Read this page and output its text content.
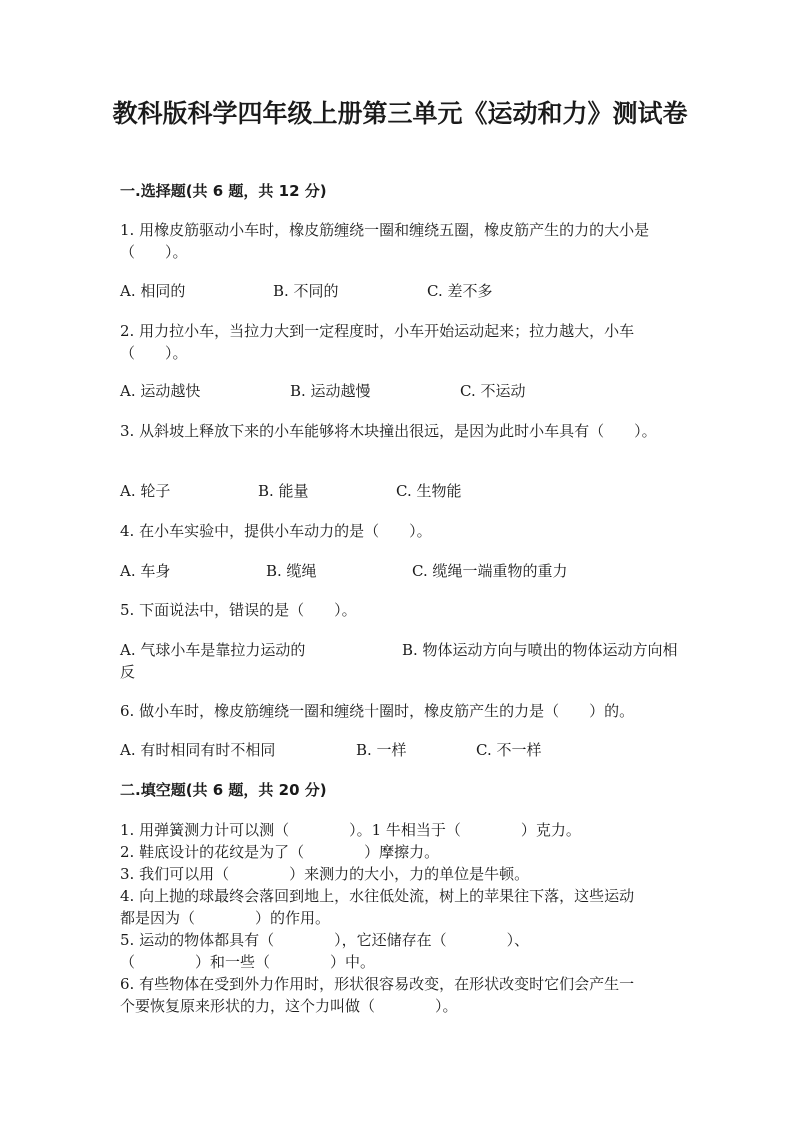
教科版科学四年级上册第三单元《运动和力》测试卷
一.选择题(共 6 题，共 12 分)
1. 用橡皮筋驱动小车时，橡皮筋缠绕一圈和缠绕五圈，橡皮筋产生的力的大小是（　　）。
A. 相同的	B. 不同的	C. 差不多
2. 用力拉小车，当拉力大到一定程度时，小车开始运动起来；拉力越大，小车（　　）。
A. 运动越快	B. 运动越慢	C. 不运动
3. 从斜坡上释放下来的小车能够将木块撞出很远，是因为此时小车具有（　　）。
A. 轮子	B. 能量	C. 生物能
4. 在小车实验中，提供小车动力的是（　　）。
A. 车身	B. 缆绳	C. 缆绳一端重物的重力
5. 下面说法中，错误的是（　　）。
A. 气球小车是靠拉力运动的	B. 物体运动方向与喷出的物体运动方向相反
6. 做小车时，橡皮筋缠绕一圈和缠绕十圈时，橡皮筋产生的力是（　　）的。
A. 有时相同有时不相同	B. 一样	C. 不一样
二.填空题(共 6 题，共 20 分)
1. 用弹簧测力计可以测（　　　　）。1 牛相当于（　　　　）克力。
2. 鞋底设计的花纹是为了（　　　　）摩擦力。
3. 我们可以用（　　　　）来测力的大小，力的单位是牛顿。
4. 向上抛的球最终会落回到地上，水往低处流，树上的苹果往下落，这些运动
都是因为（　　　　）的作用。
5. 运动的物体都具有（　　　　），它还储存在（　　　　）、
（　　　　）和一些（　　　　）中。
6. 有些物体在受到外力作用时，形状很容易改变，在形状改变时它们会产生一
个要恢复原来形状的力，这个力叫做（　　　　）。
